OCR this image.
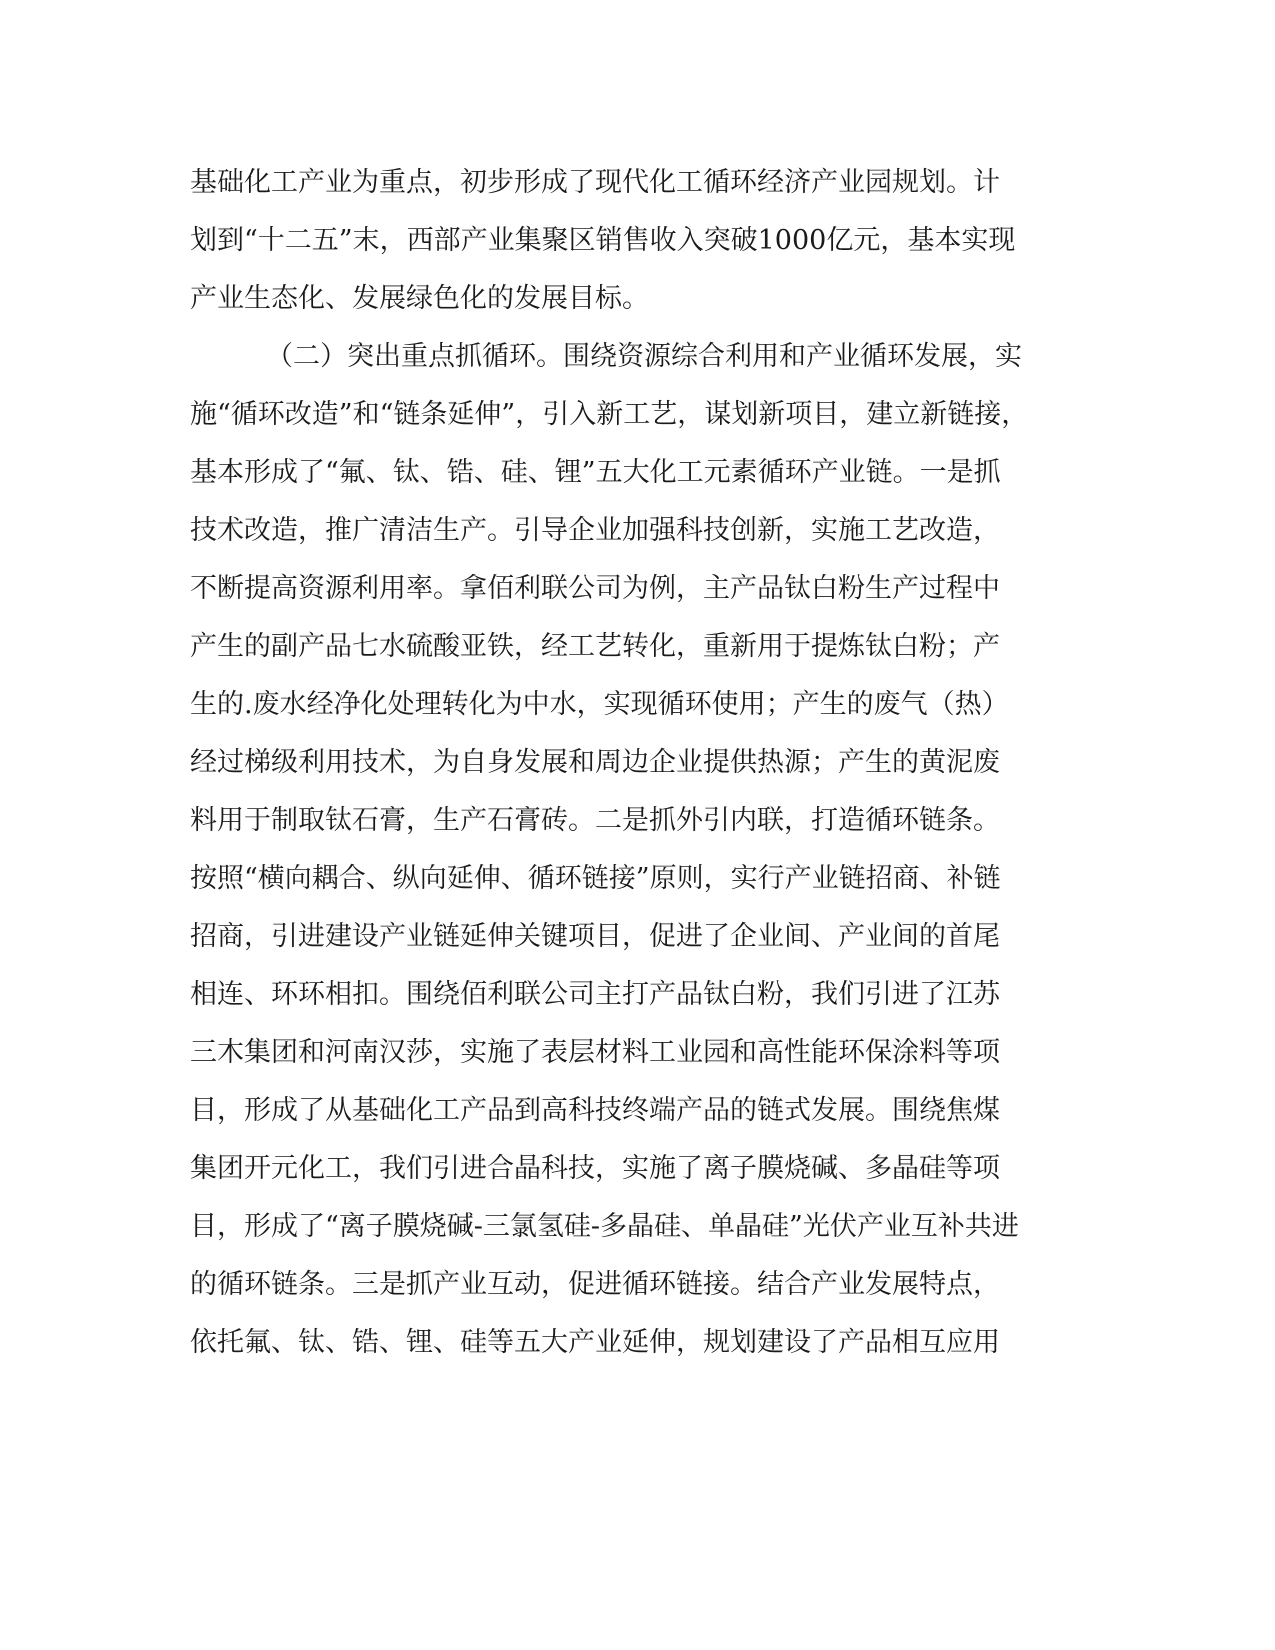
基础化工产业为重点，初步形成了现代化工循环经济产业园规划。计
划到“十二五”末，西部产业集聚区销售收入突破1000亿元，基本实现
产业生态化、发展绿色化的发展目标。
（二）突出重点抓循环。围绕资源综合利用和产业循环发展，实
施“循环改造”和“链条延伸”，引入新工艺，谋划新项目，建立新链接，
基本形成了“氟、钛、锆、硅、锂”五大化工元素循环产业链。一是抓
技术改造，推广清洁生产。引导企业加强科技创新，实施工艺改造，
不断提高资源利用率。拿佰利联公司为例，主产品钛白粉生产过程中
产生的副产品七水硫酸亚铁，经工艺转化，重新用于提炼钛白粉；产
生的.废水经净化处理转化为中水，实现循环使用；产生的废气（热）
经过梯级利用技术，为自身发展和周边企业提供热源；产生的黄泥废
料用于制取钛石膏，生产石膏砖。二是抓外引内联，打造循环链条。
按照“横向耦合、纵向延伸、循环链接”原则，实行产业链招商、补链
招商，引进建设产业链延伸关键项目，促进了企业间、产业间的首尾
相连、环环相扣。围绕佰利联公司主打产品钛白粉，我们引进了江苏
三木集团和河南汉莎，实施了表层材料工业园和高性能环保涂料等项
目，形成了从基础化工产品到高科技终端产品的链式发展。围绕焦煤
集团开元化工，我们引进合晶科技，实施了离子膜烧碱、多晶硅等项
目，形成了“离子膜烧碱-三氯氢硅-多晶硅、单晶硅”光伏产业互补共进
的循环链条。三是抓产业互动，促进循环链接。结合产业发展特点，
依托氟、钛、锆、锂、硅等五大产业延伸，规划建设了产品相互应用
